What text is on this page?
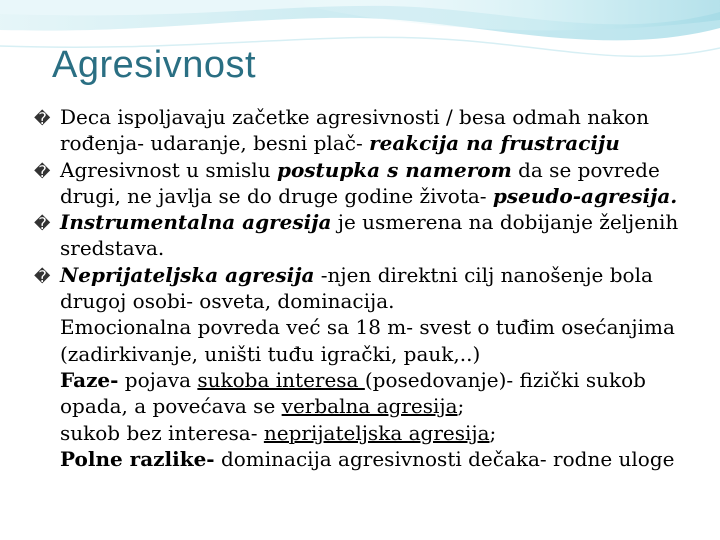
Agresivnost
� Deca ispoljavaju začetke agresivnosti / besa odmah nakon
rođenja- udaranje, besni plač- reakcija na frustraciju
� Agresivnost u smislu postupka s namerom da se povrede
drugi, ne javlja se do druge godine života- pseudo-agresija.
� Instrumentalna agresija je usmerena na dobijanje željenih
sredstava.
� Neprijateljska agresija -njen direktni cilj nanošenje bola
drugoj osobi- osveta, dominacija.
Emocionalna povreda već sa 18 m- svest o tuđim osećanjima
(zadirkivanje, uništi tuđu igrački, pauk,..)
Faze- pojava sukoba interesa (posedovanje)- fizički sukob
opada, a povećava se verbalna agresija;
sukob bez interesa- neprijateljska agresija;
Polne razlike- dominacija agresivnosti dečaka- rodne uloge
